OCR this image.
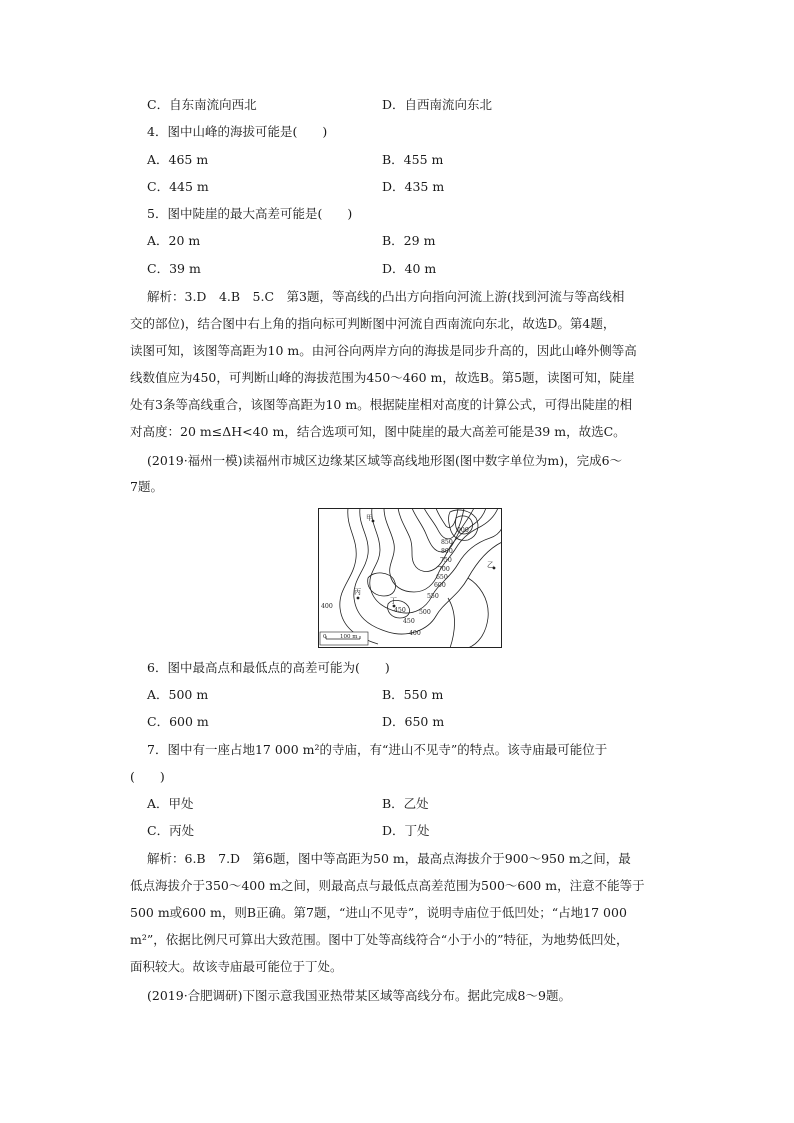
C．自东南流向西北	D．自西南流向东北
4．图中山峰的海拔可能是(　　)
A．465 m	B．455 m
C．445 m	D．435 m
5．图中陡崖的最大高差可能是(　　)
A．20 m	B．29 m
C．39 m	D．40 m
解析：3.D　4.B　5.C　第3题，等高线的凸出方向指向河流上游(找到河流与等高线相
交的部位)，结合图中右上角的指向标可判断图中河流自西南流向东北，故选D。第4题，
读图可知，该图等高距为10 m。由河谷向两岸方向的海拔是同步升高的，因此山峰外侧等高
线数值应为450，可判断山峰的海拔范围为450～460 m，故选B。第5题，读图可知，陡崖
处有3条等高线重合，该图等高距为10 m。根据陡崖相对高度的计算公式，可得出陡崖的相
对高度：20 m≤ΔH<40 m，结合选项可知，图中陡崖的最大高差可能是39 m，故选C。
(2019·福州一模)读福州市城区边缘某区域等高线地形图(图中数字单位为m)，完成6～
7题。
甲
乙
丙
丁
900
850
800
750
700
650
600
550
500
450
450
400
400
0 100 m
6．图中最高点和最低点的高差可能为(　　)
A．500 m	B．550 m
C．600 m	D．650 m
7．图中有一座占地17 000 m²的寺庙，有“进山不见寺”的特点。该寺庙最可能位于
(　　)
A．甲处	B．乙处
C．丙处	D．丁处
解析：6.B　7.D　第6题，图中等高距为50 m，最高点海拔介于900～950 m之间，最
低点海拔介于350～400 m之间，则最高点与最低点高差范围为500～600 m，注意不能等于
500 m或600 m，则B正确。第7题，“进山不见寺”，说明寺庙位于低凹处；“占地17 000
m²”，依据比例尺可算出大致范围。图中丁处等高线符合“小于小的”特征，为地势低凹处，
面积较大。故该寺庙最可能位于丁处。
(2019·合肥调研)下图示意我国亚热带某区域等高线分布。据此完成8～9题。
